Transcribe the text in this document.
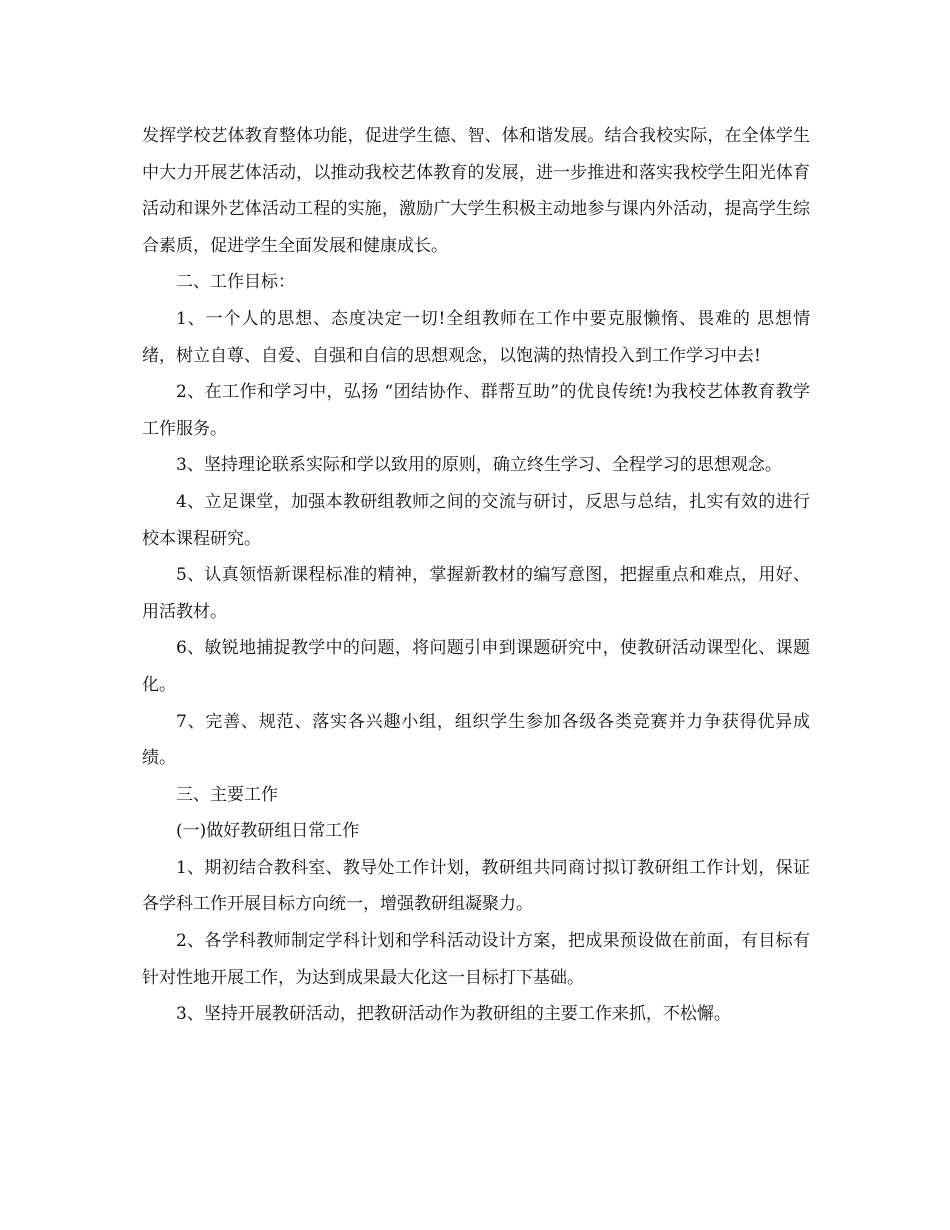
发挥学校艺体教育整体功能，促进学生德、智、体和谐发展。结合我校实际，在全体学生中大力开展艺体活动，以推动我校艺体教育的发展，进一步推进和落实我校学生阳光体育活动和课外艺体活动工程的实施，激励广大学生积极主动地参与课内外活动，提高学生综合素质，促进学生全面发展和健康成长。

二、工作目标：

1、一个人的思想、态度决定一切!全组教师在工作中要克服懒惰、畏难的 思想情绪，树立自尊、自爱、自强和自信的思想观念，以饱满的热情投入到工作学习中去!

2、在工作和学习中，弘扬 “团结协作、群帮互助”的优良传统!为我校艺体教育教学工作服务。

3、坚持理论联系实际和学以致用的原则，确立终生学习、全程学习的思想观念。

4、立足课堂，加强本教研组教师之间的交流与研讨，反思与总结，扎实有效的进行校本课程研究。

5、认真领悟新课程标准的精神，掌握新教材的编写意图，把握重点和难点，用好、用活教材。

6、敏锐地捕捉教学中的问题，将问题引申到课题研究中，使教研活动课型化、课题化。

7、完善、规范、落实各兴趣小组，组织学生参加各级各类竞赛并力争获得优异成绩。

三、主要工作

(一)做好教研组日常工作

1、期初结合教科室、教导处工作计划，教研组共同商讨拟订教研组工作计划，保证各学科工作开展目标方向统一，增强教研组凝聚力。

2、各学科教师制定学科计划和学科活动设计方案，把成果预设做在前面，有目标有针对性地开展工作，为达到成果最大化这一目标打下基础。

3、坚持开展教研活动，把教研活动作为教研组的主要工作来抓，不松懈。
